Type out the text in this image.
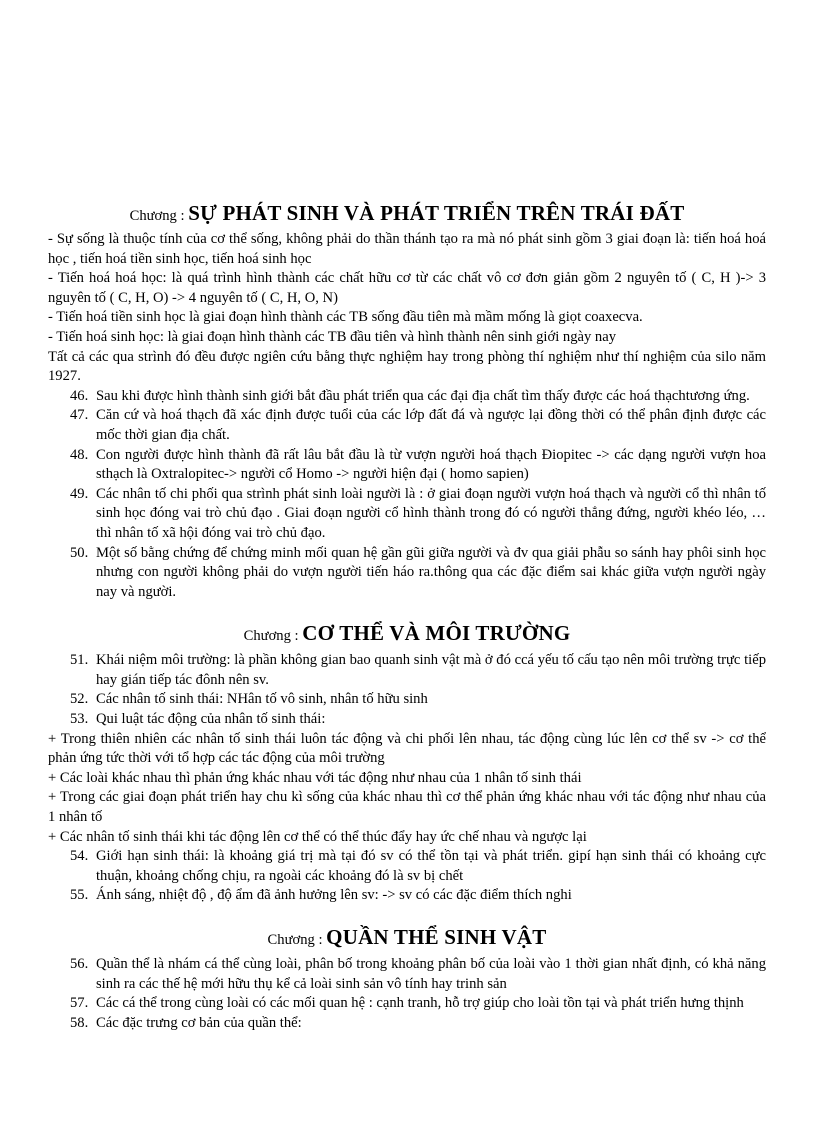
Chương : SỰ PHÁT SINH VÀ PHÁT TRIỂN TRÊN TRÁI ĐẤT

- Sự sống là thuộc tính của cơ thể sống, không phải do thần thánh tạo ra mà nó phát sinh gồm 3 giai đoạn là: tiến hoá hoá học , tiến hoá tiền sinh học, tiến hoá sinh học

- Tiến hoá hoá học: là quá trình hình thành các chất hữu cơ từ các chất vô cơ đơn giản gồm 2 nguyên tố ( C, H )-> 3 nguyên tố ( C, H, O) -> 4 nguyên tố ( C, H, O, N)

- Tiến hoá tiền sinh học là giai đoạn hình thành các TB sống đầu tiên mà mầm mống là giọt coaxecva.

- Tiến hoá sinh học: là giai đoạn hình thành các TB đầu tiên và hình thành nên sinh giới ngày nay

Tất cả các qua strình đó đều được ngiên cứu bằng thực nghiệm hay trong phòng thí nghiệm như thí nghiệm của silo năm 1927.

46. Sau khi được hình thành sinh giới bắt đầu phát triển qua các đại địa chất tìm thấy được các hoá thạchtương ứng.
47. Căn cứ và hoá thạch đã xác định được tuổi của các lớp đất đá và ngược lại đồng thời có thể phân định được các mốc thời gian địa chất.
48. Con người được hình thành đã rất lâu bắt đầu là từ vượn người hoá thạch Điopitec -> các dạng người vượn hoa sthạch là Oxtralopitec-> người cổ Homo -> người hiện đại ( homo sapien)
49. Các nhân tố chi phối qua strình phát sinh loài người là : ở giai đoạn người vượn hoá thạch và người cổ thì nhân tố sinh học đóng vai trò chủ đạo . Giai đoạn người cổ hình thành trong đó có người thẳng đứng, người khéo léo, … thì nhân tố xã hội đóng vai trò chủ đạo.
50. Một số bằng chứng để chứng minh mối quan hệ gần gũi giữa người và đv qua giải phẫu so sánh hay phôi sinh học nhưng con người không phải do vượn người tiến háo ra.thông qua các đặc điểm sai khác giữa vượn người ngày nay và người.
Chương : CƠ THỂ VÀ MÔI TRƯỜNG
51. Khái niệm môi trường: là phần không gian bao quanh sinh vật mà ở đó ccá yếu tố cấu tạo nên môi trường trực tiếp hay gián tiếp tác đônh nên sv.
52. Các nhân tố sinh thái: NHân tố vô sinh, nhân tố hữu sinh
53. Qui luật tác động của nhân tố sinh thái:

+ Trong thiên nhiên các nhân tố sinh thái luôn tác động và chi phối lên nhau, tác động cùng lúc lên cơ thể sv -> cơ thể phản ứng tức thời với tổ hợp các tác động của môi trường

+ Các loài khác nhau thì phản ứng khác nhau với tác động như nhau của 1 nhân tố sinh thái

+ Trong các giai đoạn phát triển hay chu kì sống của khác nhau thì cơ thể phản ứng khác nhau với tác động như nhau của 1 nhân tố

+ Các nhân tố sinh thái khi tác động lên cơ thể có thể thúc đẩy hay ức chế nhau và ngược lại

54. Giới hạn sinh thái: là khoảng giá trị mà tại đó sv có thể tồn tại và phát triển. gipí hạn sinh thái có khoảng cực thuận, khoảng chống chịu, ra ngoài các khoảng đó là sv bị chết
55. Ánh sáng, nhiệt độ , độ ẩm đã ảnh hưởng lên sv: -> sv có các đặc điểm thích nghi
Chương : QUẦN THỂ SINH VẬT
56. Quần thể là nhám cá thể cùng loài, phân bố trong khoảng phân bố của loài vào 1 thời gian nhất định, có khả năng sinh ra các thế hệ mới hữu thụ kể cả loài sinh sản vô tính hay trinh sản
57. Các cá thể trong cùng loài có các mối quan hệ : cạnh tranh, hỗ trợ giúp cho loài tồn tại và phát triển hưng thịnh
58. Các đặc trưng cơ bản của quần thể:
